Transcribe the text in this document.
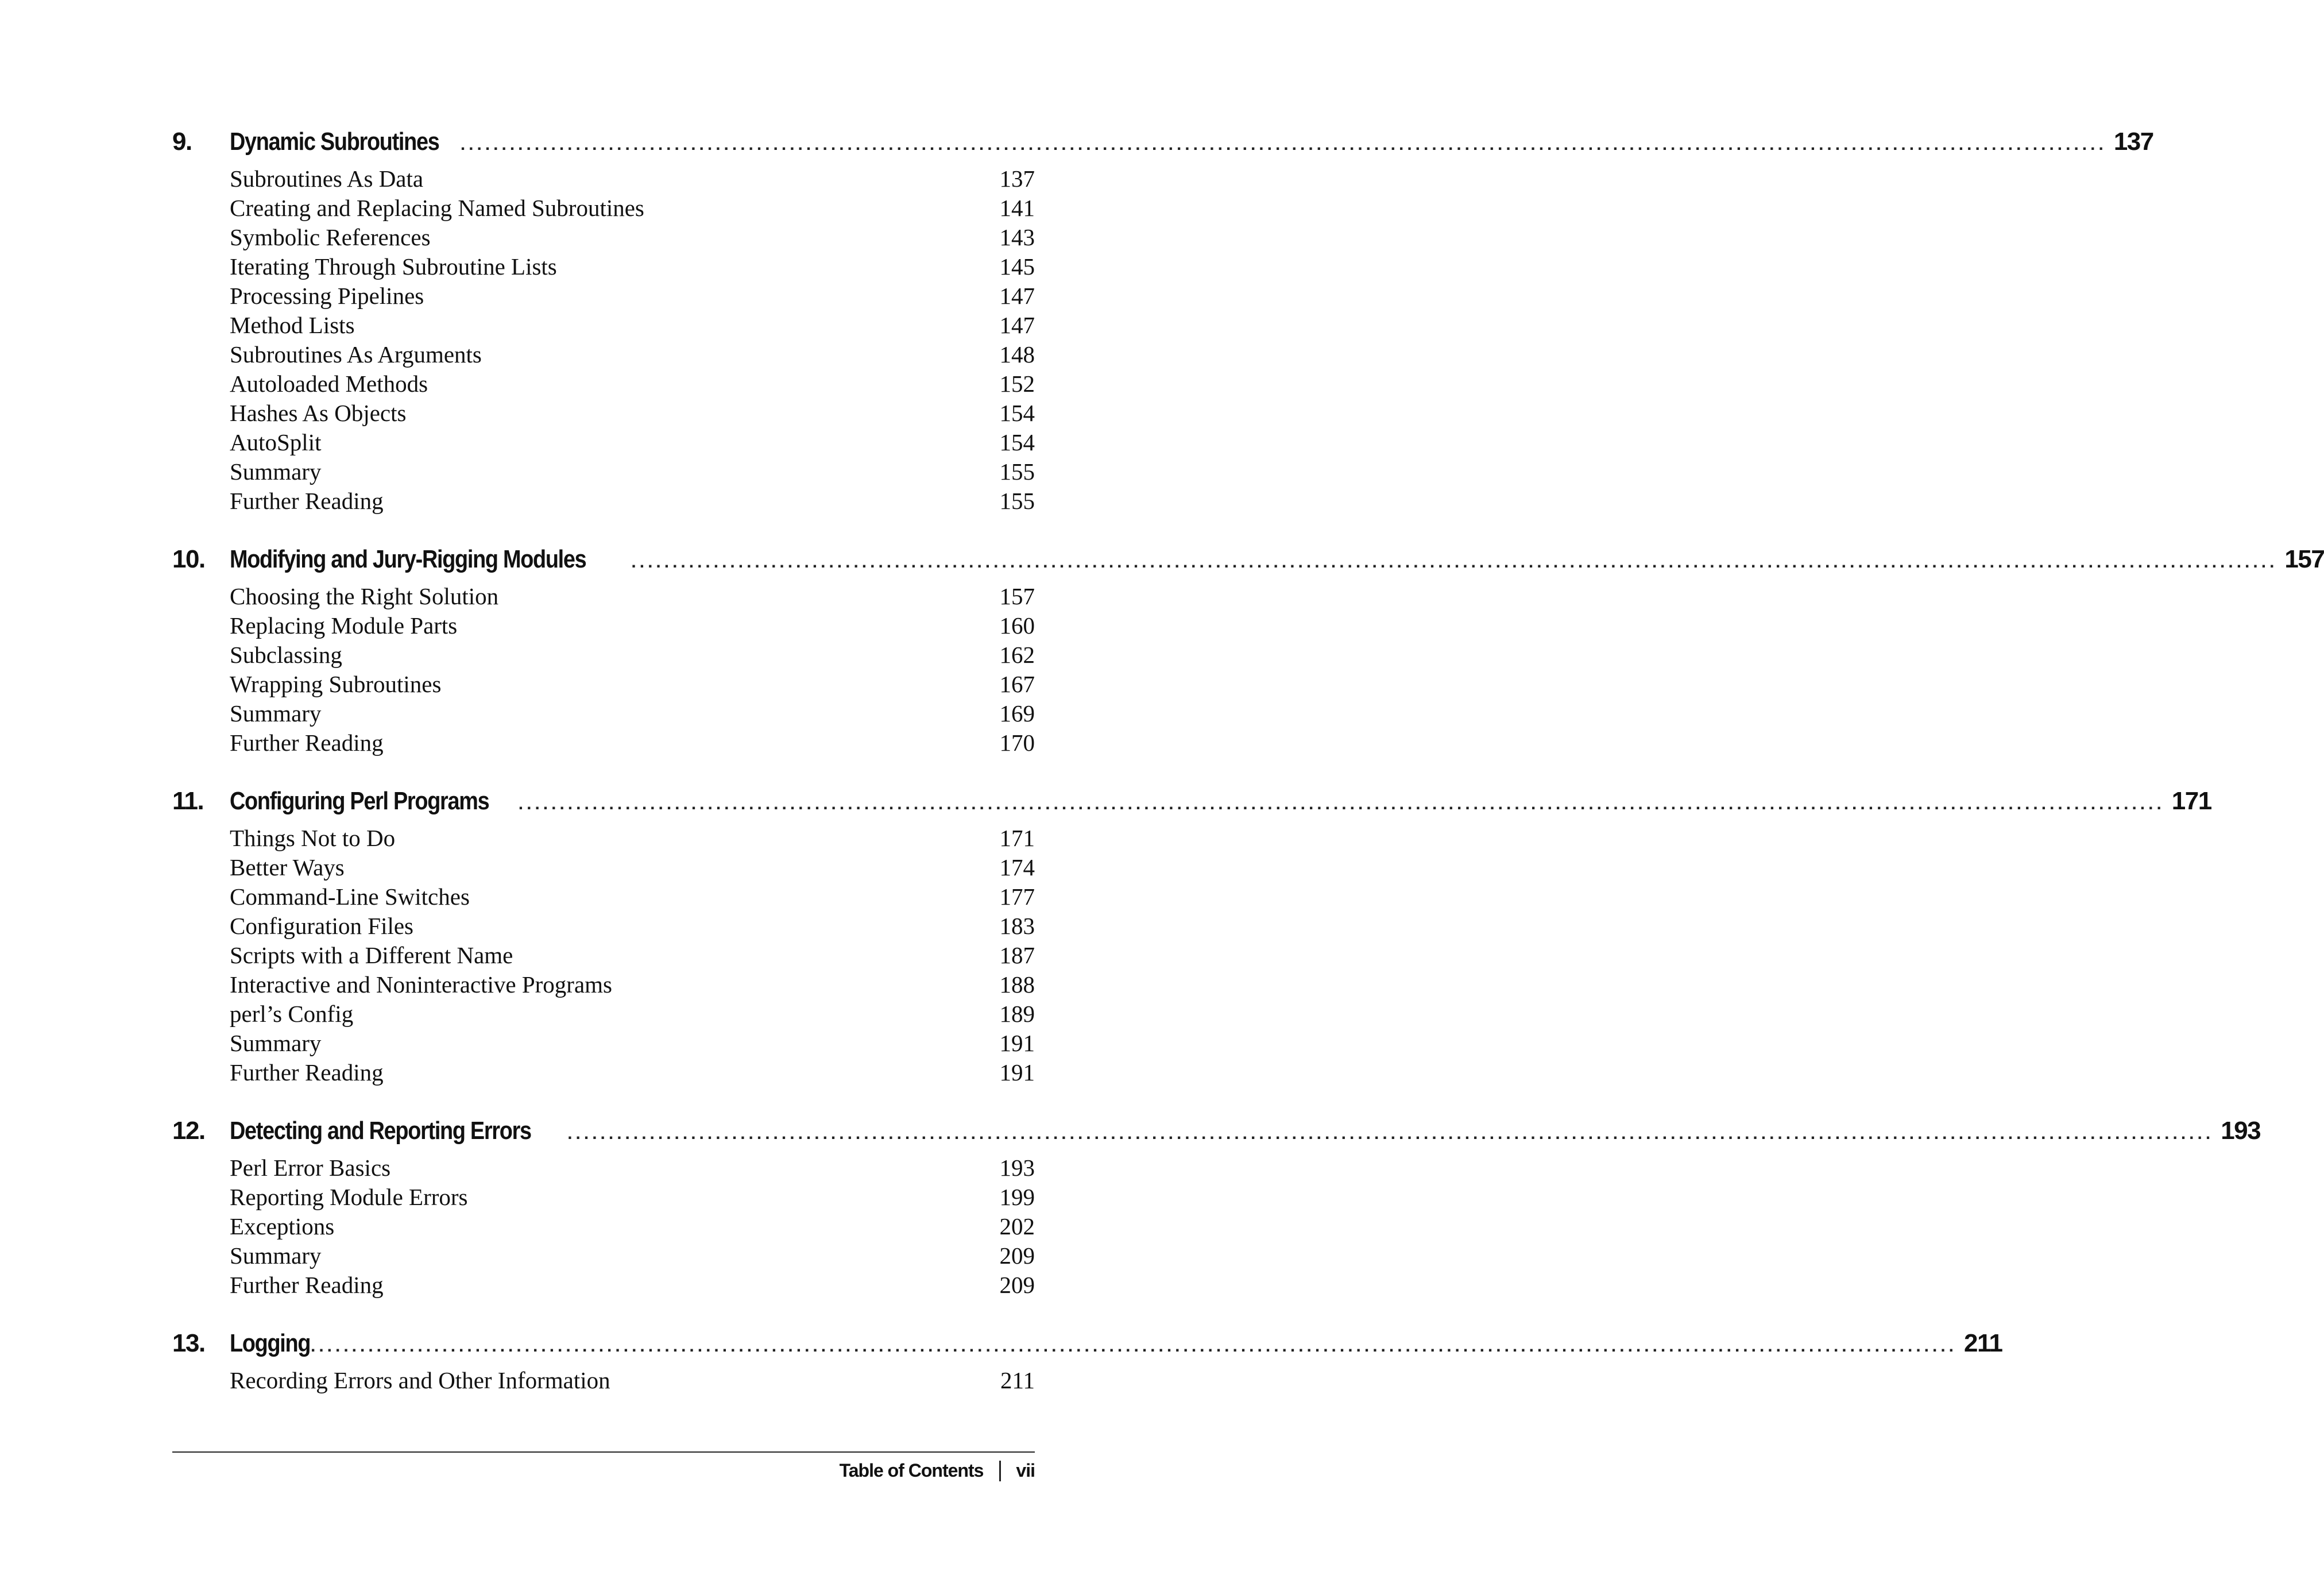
9.	Dynamic Subroutines ........................................................................................................................................................................................................ 137
Subroutines As Data	137
Creating and Replacing Named Subroutines	141
Symbolic References	143
Iterating Through Subroutine Lists	145
Processing Pipelines	147
Method Lists	147
Subroutines As Arguments	148
Autoloaded Methods	152
Hashes As Objects	154
AutoSplit	154
Summary	155
Further Reading	155
10. Modifying and Jury-Rigging Modules	........................................................................................................................................................................................................ 157
Choosing the Right Solution	157
Replacing Module Parts	160
Subclassing	162
Wrapping Subroutines	167
Summary	169
Further Reading	170
11.	Configuring Perl Programs ........................................................................................................................................................................................................ 171
Things Not to Do	171
Better Ways	174
Command-Line Switches	177
Configuration Files	183
Scripts with a Different Name	187
Interactive and Noninteractive Programs	188
perl’s Config	189
Summary	191
Further Reading	191
12. Detecting and Reporting Errors ........................................................................................................................................................................................................ 193
Perl Error Basics	193
Reporting Module Errors	199
Exceptions	202
Summary	209
Further Reading	209
13. Logging ........................................................................................................................................................................................................ 211
Recording Errors and Other Information	211
Table of Contents vii
